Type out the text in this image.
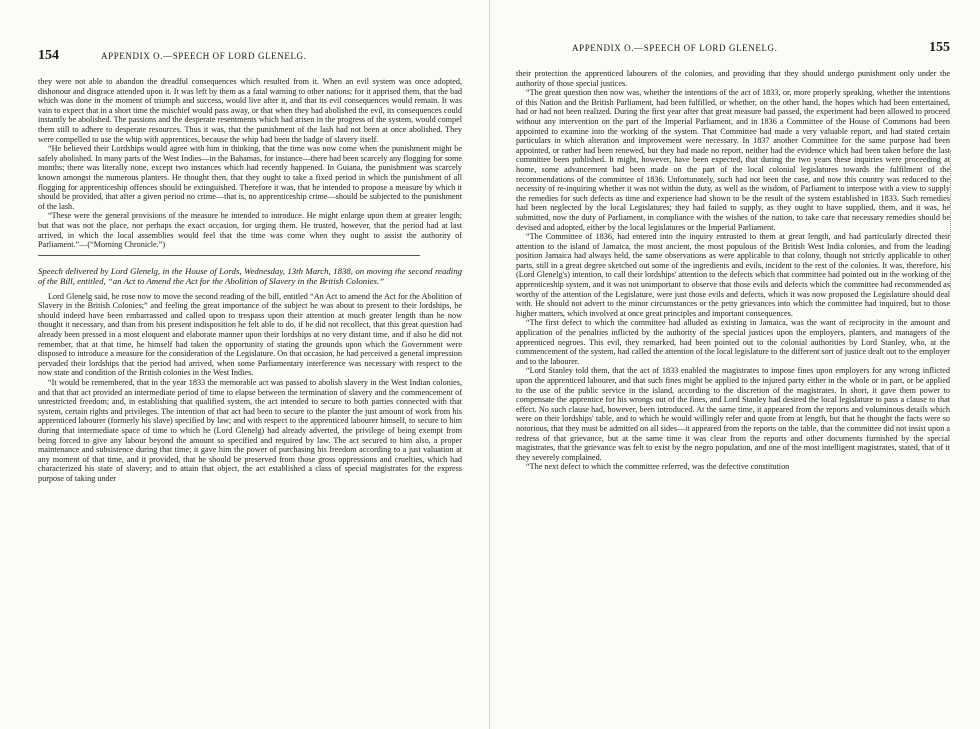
154	APPENDIX O.—SPEECH OF LORD GLENELG.

they were not able to abandon the dreadful consequences which resulted from it. When an evil system was once adopted, dishonour and disgrace attended upon it. It was left by them as a fatal warning to other nations; for it apprised them, that the bad which was done in the moment of triumph and success, would live after it, and that its evil consequences would remain. It was vain to expect that in a short time the mischief would pass away, or that when they had abolished the evil, its consequences could instantly be abolished. The passions and the desperate resentments which had arisen in the progress of the system, would compel them still to adhere to desperate resources. Thus it was, that the punishment of the lash had not been at once abolished. They were compelled to use the whip with apprentices, because the whip had been the badge of slavery itself.

“He believed their Lordships would agree with him in thinking, that the time was now come when the punishment might be safely abolished. In many parts of the West Indies—in the Bahamas, for instance—there had been scarcely any flogging for some months; there was literally none, except two instances which had recently happened. In Guiana, the punishment was scarcely known amongst the numerous planters. He thought then, that they ought to take a fixed period in which the punishment of all flogging for apprenticeship offences should be extinguished. Therefore it was, that he intended to propose a measure by which it should be provided, that after a given period no crime—that is, no apprenticeship crime—should be subjected to the punishment of the lash.

“These were the general provisions of the measure he intended to introduce. He might enlarge upon them at greater length; but that was not the place, nor perhaps the exact occasion, for urging them. He trusted, however, that the period had at last arrived, in which the local assemblies would feel that the time was come when they ought to assist the authority of Parliament.”—(“Morning Chronicle.”)

Speech delivered by Lord Glenelg, in the House of Lords, Wednesday, 13th March, 1838, on moving the second reading of the Bill, entitled, “an Act to Amend the Act for the Abolition of Slavery in the British Colonies.”

Lord Glenelg said, he rose now to move the second reading of the bill, entitled “An Act to amend the Act for the Abolition of Slavery in the British Colonies;” and feeling the great importance of the subject he was about to present to their lordships, he should indeed have been embarrassed and called upon to trespass upon their attention at much greater length than he now thought it necessary, and than from his present indisposition he felt able to do, if he did not recollect, that this great question had already been pressed in a most eloquent and elaborate manner upon their lordships at no very distant time, and if also he did not remember, that at that time, he himself had taken the opportunity of stating the grounds upon which the Government were disposed to introduce a measure for the consideration of the Legislature. On that occasion, he had perceived a general impression pervaded their lordships that the period had arrived, when some Parliamentary interference was necessary with respect to the now state and condition of the British colonies in the West Indies.

“It would be remembered, that in the year 1833 the memorable act was passed to abolish slavery in the West Indian colonies, and that that act provided an intermediate period of time to elapse between the termination of slavery and the commencement of unrestricted freedom; and, in establishing that qualified system, the act intended to secure to both parties connected with that system, certain rights and privileges. The intention of that act had been to secure to the planter the just amount of work from his apprenticed labourer (formerly his slave) specified by law; and with respect to the apprenticed labourer himself, to secure to him during that intermediate space of time to which he (Lord Glenelg) had already adverted, the privilege of being exempt from being forced to give any labour beyond the amount so specified and required by law. The act secured to him also, a proper maintenance and subsistence during that time; it gave him the power of purchasing his freedom according to a just valuation at any moment of that time, and it provided, that he should be preserved from those gross oppressions and cruelties, which had characterized his state of slavery; and to attain that object, the act established a class of special magistrates for the express purpose of taking under

APPENDIX O.—SPEECH OF LORD GLENELG.	155

their protection the apprenticed labourers of the colonies, and providing that they should undergo punishment only under the authority of those special justices.

“The great question then now was, whether the intentions of the act of 1833, or, more properly speaking, whether the intentions of this Nation and the British Parliament, had been fulfilled, or whether, on the other hand, the hopes which had been entertained, had or had not been realized. During the first year after that great measure had passed, the experiment had been allowed to proceed without any intervention on the part of the Imperial Parliament, and in 1836 a Committee of the House of Commons had been appointed to examine into the working of the system. That Committee had made a very valuable report, and had stated certain particulars in which alteration and improvement were necessary. In 1837 another Committee for the same purpose had been appointed, or rather had been renewed, but they had made no report, neither had the evidence which had been taken before the last committee been published. It might, however, have been expected, that during the two years these inquiries were proceeding at home, some advancement had been made on the part of the local colonial legislatures towards the fulfilment of the recommendations of the committee of 1836. Unfortunately, such had not been the case, and now this country was reduced to the necessity of re-inquiring whether it was not within the duty, as well as the wisdom, of Parliament to interpose with a view to supply the remedies for such defects as time and experience had shown to be the result of the system established in 1833. Such remedies had been neglected by the local Legislatures; they had failed to supply, as they ought to have supplied, them, and it was, he submitted, now the duty of Parliament, in compliance with the wishes of the nation, to take care that necessary remedies should be devised and adopted, either by the local legislatures or the Imperial Parliament.

“The Committee of 1836, had entered into the inquiry entrusted to them at great length, and had particularly directed their attention to the island of Jamaica, the most ancient, the most populous of the British West India colonies, and from the leading position Jamaica had always held, the same observations as were applicable to that colony, though not strictly applicable to other parts, still in a great degree sketched out some of the ingredients and evils, incident to the rest of the colonies. It was, therefore, his (Lord Glenelg's) intention, to call their lordships' attention to the defects which that committee had pointed out in the working of the apprenticeship system, and it was not unimportant to observe that those evils and defects which the committee had recommended as worthy of the attention of the Legislature, were just those evils and defects, which it was now proposed the Legislature should deal with. He should not advert to the minor circumstances or the petty grievances into which the committee had inquired, but to those higher matters, which involved at once great principles and important consequences.

“The first defect to which the committee had alluded as existing in Jamaica, was the want of reciprocity in the amount and application of the penalties inflicted by the authority of the special justices upon the employers, planters, and managers of the apprenticed negroes. This evil, they remarked, had been pointed out to the colonial authorities by Lord Stanley, who, at the commencement of the system, had called the attention of the local legislature to the different sort of justice dealt out to the employer and to the labourer.

“Lord Stanley told them, that the act of 1833 enabled the magistrates to impose fines upon employers for any wrong inflicted upon the apprenticed labourer, and that such fines might be applied to the injured party either in the whole or in part, or be applied to the use of the public service in the island, according to the discretion of the magistrates. In short, it gave them power to compensate the apprentice for his wrongs out of the fines, and Lord Stanley had desired the local legislature to pass a clause to that effect. No such clause had, however, been introduced. At the same time, it appeared from the reports and voluminous details which were on their lordships' table, and to which he would willingly refer and quote from at length, but that he thought the facts were so notorious, that they must be admitted on all sides—it appeared from the reports on the table, that the committee did not insist upon a redress of that grievance, but at the same time it was clear from the reports and other documents furnished by the special magistrates, that the grievance was felt to exist by the negro population, and one of the most intelligent magistrates, stated, that of it they severely complained.

“The next defect to which the committee referred, was the defective constitution
